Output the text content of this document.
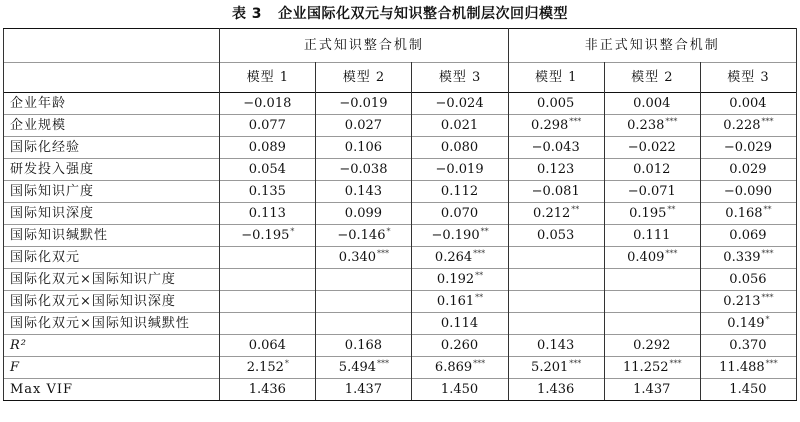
表 3 企业国际化双元与知识整合机制层次回归模型
	正式知识整合机制			非正式知识整合机制		
	模型 1	模型 2	模型 3	模型 1	模型 2	模型 3
企业年龄	−0.018	−0.019	−0.024	0.005	0.004	0.004
企业规模	0.077	0.027	0.021	0.298***	0.238***	0.228***
国际化经验	0.089	0.106	0.080	−0.043	−0.022	−0.029
研发投入强度	0.054	−0.038	−0.019	0.123	0.012	0.029
国际知识广度	0.135	0.143	0.112	−0.081	−0.071	−0.090
国际知识深度	0.113	0.099	0.070	0.212**	0.195**	0.168**
国际知识缄默性	−0.195*	−0.146*	−0.190**	0.053	0.111	0.069
国际化双元		0.340***	0.264***		0.409***	0.339***
国际化双元×国际知识广度			0.192**			0.056
国际化双元×国际知识深度			0.161**			0.213***
国际化双元×国际知识缄默性			0.114			0.149*
R²	0.064	0.168	0.260	0.143	0.292	0.370
F	2.152*	5.494***	6.869***	5.201***	11.252***	11.488***
Max VIF	1.436	1.437	1.450	1.436	1.437	1.450
